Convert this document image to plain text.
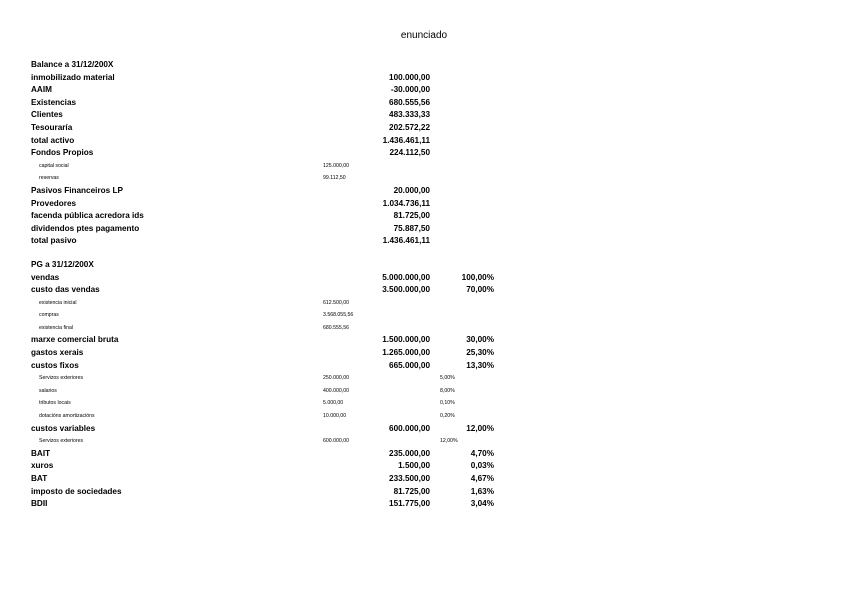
enunciado
Balance a 31/12/200X
inmobilizado material	100.000,00
AAIM	-30.000,00
Existencias	680.555,56
Clientes	483.333,33
Tesouraría	202.572,22
total activo	1.436.461,11
Fondos Propios	224.112,50
capital social	125.000,00
reservas	99.112,50
Pasivos Financeiros LP	20.000,00
Provedores	1.034.736,11
facenda pública acredora ids	81.725,00
dividendos ptes pagamento	75.887,50
total pasivo	1.436.461,11
PG a 31/12/200X
vendas	5.000.000,00	100,00%
custo das vendas	3.500.000,00	70,00%
existencia inicial	612.500,00
compras	3.568.055,56
existencia final	680.555,56
marxe comercial bruta	1.500.000,00	30,00%
gastos xerais	1.265.000,00	25,30%
custos fixos	665.000,00	13,30%
Servizos exteriores	250.000,00	5,00%
salarios	400.000,00	8,00%
tributos locais	5.000,00	0,10%
dotacións amortizacións	10.000,00	0,20%
custos variables	600.000,00	12,00%
Servizos exteriores	600.000,00	12,00%
BAIT	235.000,00	4,70%
xuros	1.500,00	0,03%
BAT	233.500,00	4,67%
imposto de sociedades	81.725,00	1,63%
BDII	151.775,00	3,04%
